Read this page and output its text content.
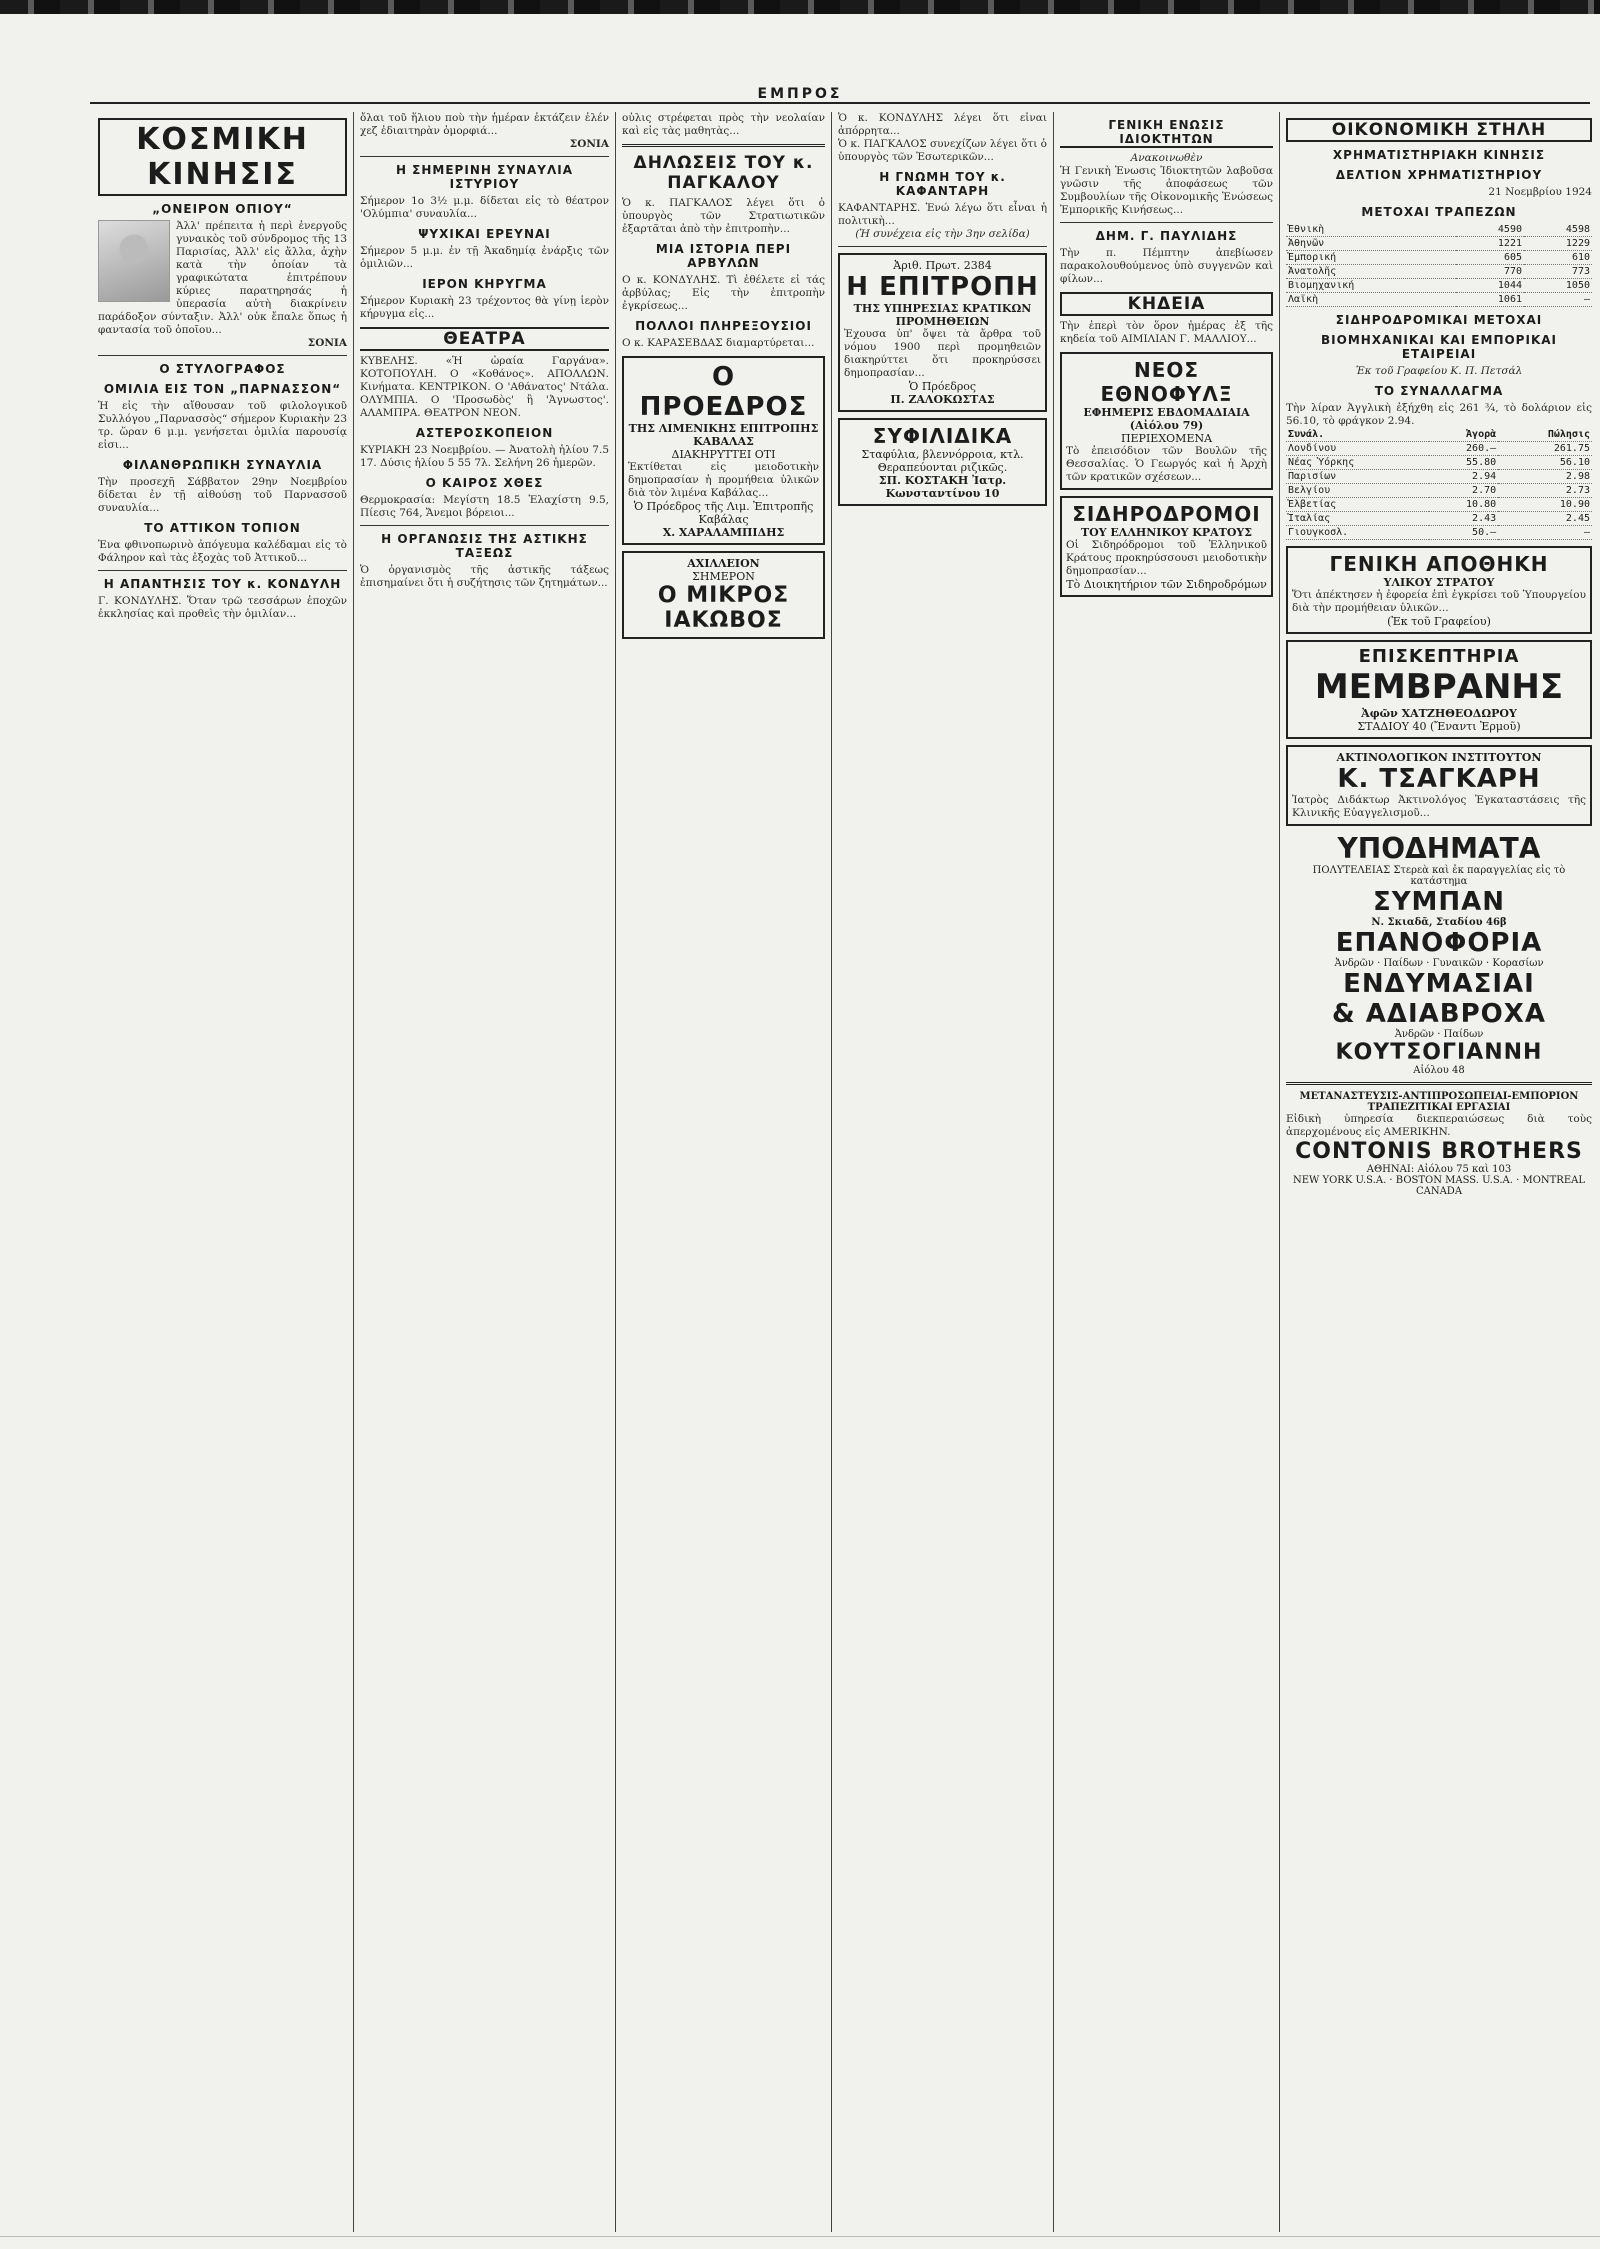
ΕΜΠΡΟΣ
ΚΟΣΜΙΚΗ ΚΙΝΗΣΙΣ
„ΟΝΕΙΡΟΝ ΟΠΙΟΥ“
Ἀλλ' πρέπειτα ἡ περὶ ἐνεργοῦς γυναικὸς τοῦ σύνδρομος τῆς 13 Παρισίας, Ἀλλ' εἰς ἄλλα, ἀχὴν κατὰ τὴν ὁποίαν τὰ γραφικώτατα ἐπιτρέπουν κύριες παρατηρησάς ἡ ὑπερασία αὐτὴ διακρίνειν παράδοξον σύνταξιν. Ἀλλ' οὐκ ἔπαλε ὅπως ἡ φαντασία τοῦ ὁποῖου...
ΣΟΝΙΑ
Ο ΣΤΥΛΟΓΡΑΦΟΣ
ΟΜΙΛΙΑ ΕΙΣ ΤΟΝ „ΠΑΡΝΑΣΣΟΝ“
Ἡ εἰς τὴν αἴθουσαν τοῦ φιλολογικοῦ Συλλόγου „Παρνασσὸς“ σήμερον Κυριακὴν 23 τρ. ὥραν 6 μ.μ. γενήσεται ὁμιλία παρουσίᾳ εἰσι...
ΦΙΛΑΝΘΡΩΠΙΚΗ ΣΥΝΑΥΛΙΑ
Τὴν προσεχῆ Σάββατον 29ην Νοεμβρίου δίδεται ἐν τῇ αἰθούσῃ τοῦ Παρνασσοῦ συναυλία...
ΤΟ ΑΤΤΙΚΟΝ ΤΟΠΙΟΝ
Ἐνα φθινοπωρινὸ ἀπόγευμα καλέδαμαι εἰς τὸ Φάληρον καὶ τὰς ἐξοχὰς τοῦ Ἀττικοῦ...
Η ΑΠΑΝΤΗΣΙΣ ΤΟΥ κ. ΚΟΝΔΥΛΗ
Γ. ΚΟΝΔΥΛΗΣ. Ὅταν τρῶ τεσσάρων ἐποχῶν ἐκκλησίας καὶ προθεὶς τὴν ὁμιλίαν...
ὄλαι τοῦ ἥλιου ποὺ τὴν ἡμέραν ἐκτάζειν ἐλέν χεζ ἐδιαιτηρὰν ὀμορφιά...
ΣΟΝΙΑ
Η ΣΗΜΕΡΙΝΗ ΣΥΝΑΥΛΙΑ ΙΣΤΥΡΙΟΥ
Σήμερον 1ο 3½ μ.μ. δίδεται εἰς τὸ θέατρον 'Ολύμπια' συναυλία...
ΨΥΧΙΚΑΙ ΕΡΕΥΝΑΙ
Σήμερον 5 μ.μ. ἐν τῇ Ἀκαδημίᾳ ἐνάρξις τῶν ὁμιλιῶν...
ΙΕΡΟΝ ΚΗΡΥΓΜΑ
Σήμερον Κυριακὴ 23 τρέχοντος θὰ γίνῃ ἱερὸν κήρυγμα εἰς...
ΘΕΑΤΡΑ
ΚΥΒΕΛΗΣ. «Ἡ ὡραία Γαργάνα». ΚΟΤΟΠΟΥΛΗ. Ο «Κοθάνος». ΑΠΟΛΛΩΝ. Κινήματα. ΚΕΝΤΡΙΚΟΝ. Ο 'Αθάνατος' Ντάλα. ΟΛΥΜΠΙΑ. Ο 'Προσωδὸς' ἢ 'Ἀγνωστος'. ΑΛΑΜΠΡΑ. ΘΕΑΤΡΟΝ ΝΕΟΝ.
ΑΣΤΕΡΟΣΚΟΠΕΙΟΝ
ΚΥΡΙΑΚΗ 23 Νοεμβρίου. — Ἀνατολὴ ἡλίου 7.5 17. Δύσις ἡλίου 5 55 7λ. Σελήνη 26 ἡμερῶν.
Ο ΚΑΙΡΟΣ ΧΘΕΣ
Θερμοκρασία: Μεγίστη 18.5 Ἐλαχίστη 9.5, Πίεσις 764, Ἄνεμοι βόρειοι...
Η ΟΡΓΑΝΩΣΙΣ ΤΗΣ ΑΣΤΙΚΗΣ ΤΑΞΕΩΣ
Ὁ ὀργανισμὸς τῆς ἀστικῆς τάξεως ἐπισημαίνει ὅτι ἡ συζήτησις τῶν ζητημάτων...
οὐλις στρέφεται πρὸς τὴν νεολαίαν καὶ εἰς τὰς μαθητὰς...
ΔΗΛΩΣΕΙΣ ΤΟΥ κ. ΠΑΓΚΑΛΟΥ
Ὁ κ. ΠΑΓΚΑΛΟΣ λέγει ὅτι ὁ ὑπουργὸς τῶν Στρατιωτικῶν ἐξαρτᾶται ἀπὸ τὴν ἐπιτροπὴν...
ΜΙΑ ΙΣΤΟΡΙΑ ΠΕΡΙ ΑΡΒΥΛΩΝ
Ο κ. ΚΟΝΔΥΛΗΣ. Τὶ ἐθέλετε εἰ τάς ἀρβύλας; Εἰς τὴν ἐπιτροπὴν ἐγκρίσεως...
ΠΟΛΛΟΙ ΠΛΗΡΕΞΟΥΣΙΟΙ
Ο κ. ΚΑΡΑΣΕΒΔΑΣ διαμαρτύρεται...
Ο ΠΡΟΕΔΡΟΣ
ΤΗΣ ΛΙΜΕΝΙΚΗΣ ΕΠΙΤΡΟΠΗΣ ΚΑΒΑΛΑΣ
ΔΙΑΚΗΡΥΤΤΕΙ ΟΤΙ
Ἐκτίθεται εἰς μειοδοτικὴν δημοπρασίαν ἡ προμήθεια ὑλικῶν διὰ τὸν λιμένα Καβάλας...
Ὁ Πρόεδρος τῆς Λιμ. Ἐπιτροπῆς Καβάλας
Χ. ΧΑΡΑΛΑΜΠΙΔΗΣ
ΑΧΙΛΛΕΙΟΝ
ΣΗΜΕΡΟΝ
Ο ΜΙΚΡΟΣ ΙΑΚΩΒΟΣ
Ὁ κ. ΚΟΝΔΥΛΗΣ λέγει ὅτι εἶναι ἀπόρρητα...
Ὁ κ. ΠΑΓΚΑΛΟΣ συνεχίζων λέγει ὅτι ὁ ὑπουργὸς τῶν Ἐσωτερικῶν...
Η ΓΝΩΜΗ ΤΟΥ κ. ΚΑΦΑΝΤΑΡΗ
ΚΑΦΑΝΤΑΡΗΣ. Ἐνώ λέγω ὅτι εἶναι ἡ πολιτικὴ...
(Ἡ συνέχεια εἰς τὴν 3ην σελίδα)
Ἀριθ. Πρωτ. 2384
Η ΕΠΙΤΡΟΠΗ
ΤΗΣ ΥΠΗΡΕΣΙΑΣ ΚΡΑΤΙΚΩΝ ΠΡΟΜΗΘΕΙΩΝ
Ἐχουσα ὑπ' ὄψει τὰ ἄρθρα τοῦ νόμου 1900 περὶ προμηθειῶν διακηρύττει ὅτι προκηρύσσει δημοπρασίαν...
Ὁ Πρόεδρος
Π. ΖΑΛΟΚΩΣΤΑΣ
ΣΥΦΙΛΙΔΙΚΑ
Σταφύλια, βλεννόρροια, κτλ. Θεραπεύονται ριζικῶς.
ΣΠ. ΚΟΣΤΑΚΗ Ἰατρ. Κωνσταντίνου 10
ΓΕΝΙΚΗ ΕΝΩΣΙΣ ΙΔΙΟΚΤΗΤΩΝ
Ανακοινωθὲν
Ἡ Γενικὴ Ἑνωσις Ἰδιοκτητῶν λαβοῦσα γνῶσιν τῆς ἀποφάσεως τῶν Συμβουλίων τῆς Οἰκονομικῆς Ἑνώσεως Ἐμπορικῆς Κινήσεως...
ΔΗΜ. Γ. ΠΑΥΛΙΔΗΣ
Τὴν π. Πέμπτην ἀπεβίωσεν παρακολουθούμενος ὑπὸ συγγενῶν καὶ φίλων...
ΚΗΔΕΙΑ
Τὴν ἐπερὶ τὸν ὅρον ἡμέρας ἐξ τῆς κηδεία τοῦ ΑΙΜΙΛΙΑΝ Γ. ΜΑΛΛΙΟΥ...
ΝΕΟΣ ΕΘΝΟΦΥΛΞ
ΕΦΗΜΕΡΙΣ ΕΒΔΟΜΑΔΙΑΙΑ (Αἰόλου 79)
ΠΕΡΙΕΧΟΜΕΝΑ
Τὸ ἐπεισόδιον τῶν Βουλῶν τῆς Θεσσαλίας. Ὁ Γεωργός καὶ ἡ Ἀρχὴ τῶν κρατικῶν σχέσεων...
ΣΙΔΗΡΟΔΡΟΜΟΙ
ΤΟΥ ΕΛΛΗΝΙΚΟΥ ΚΡΑΤΟΥΣ
Οἱ Σιδηρόδρομοι τοῦ Ἑλληνικοῦ Κράτους προκηρύσσουσι μειοδοτικὴν δημοπρασίαν...
Τὸ Διοικητήριον τῶν Σιδηροδρόμων
ΟΙΚΟΝΟΜΙΚΗ ΣΤΗΛΗ
ΧΡΗΜΑΤΙΣΤΗΡΙΑΚΗ ΚΙΝΗΣΙΣ
ΔΕΛΤΙΟΝ ΧΡΗΜΑΤΙΣΤΗΡΙΟΥ
21 Νοεμβρίου 1924
ΜΕΤΟΧΑΙ ΤΡΑΠΕΖΩΝ
Ἐθνικὴ	4590	4598
Ἀθηνῶν	1221	1229
Ἐμπορική	605	610
Ἀνατολῆς	770	773
Βιομηχανική	1044	1050
Λαϊκὴ	1061	—
ΣΙΔΗΡΟΔΡΟΜΙΚΑΙ ΜΕΤΟΧΑΙ
ΒΙΟΜΗΧΑΝΙΚΑΙ ΚΑΙ ΕΜΠΟΡΙΚΑΙ ΕΤΑΙΡΕΙΑΙ
Ἐκ τοῦ Γραφείου Κ. Π. Πετσάλ
ΤΟ ΣΥΝΑΛΛΑΓΜΑ
Τὴν λίραν Ἀγγλικὴ ἐξήχθη εἰς 261 ¾, τὸ δολάριον εἰς 56.10, τὸ φράγκον 2.94.
Συνάλ.	Ἀγορὰ	Πώλησις
Λονδίνου	260.—	261.75
Νέας Ὑόρκης	55.80	56.10
Παρισίων	2.94	2.98
Βελγίου	2.70	2.73
Ἑλβετίας	10.80	10.90
Ἰταλίας	2.43	2.45
Γιουγκοσλ.	50.—	—
ΓΕΝΙΚΗ ΑΠΟΘΗΚΗ
ΥΛΙΚΟΥ ΣΤΡΑΤΟΥ
Ὅτι ἀπέκτησεν ἡ ἐφορεία ἐπὶ ἐγκρίσει τοῦ Ὑπουργείου διὰ τὴν προμήθειαν ὑλικῶν...
(Ἐκ τοῦ Γραφείου)
ΕΠΙΣΚΕΠΤΗΡΙΑ
ΜΕΜΒΡΑΝΗΣ
Ἀφῶν ΧΑΤΖΗΘΕΟΔΩΡΟΥ
ΣΤΑΔΙΟΥ 40 (Ἔναντι Ἐρμοῦ)
ΑΚΤΙΝΟΛΟΓΙΚΟΝ ΙΝΣΤΙΤΟΥΤΟΝ
Κ. ΤΣΑΓΚΑΡΗ
Ἰατρὸς Διδάκτωρ Ἀκτινολόγος Ἐγκαταστάσεις τῆς Κλινικῆς Εὐαγγελισμοῦ...
ΥΠΟΔΗΜΑΤΑ
ΠΟΛΥΤΕΛΕΙΑΣ Στερεὰ καὶ ἐκ παραγγελίας εἰς τὸ κατάστημα
ΣΥΜΠΑΝ
Ν. Σκιαδᾶ, Σταδίου 46β
ΕΠΑΝΟΦΟΡΙΑ
Ἀνδρῶν · Παίδων · Γυναικῶν · Κορασίων
ΕΝΔΥΜΑΣΙΑΙ
& ΑΔΙΑΒΡΟΧΑ
Ἀνδρῶν · Παίδων
ΚΟΥΤΣΟΓΙΑΝΝΗ
Αἰόλου 48
ΜΕΤΑΝΑΣΤΕΥΣΙΣ-ΑΝΤΙΠΡΟΣΩΠΕΙΑΙ-ΕΜΠΟΡΙΟΝ
ΤΡΑΠΕΖΙΤΙΚΑΙ ΕΡΓΑΣΙΑΙ
Εἰδικὴ ὑπηρεσία διεκπεραιώσεως διὰ τοὺς ἀπερχομένους εἰς AMERIKHN.
CONTONIS BROTHERS
ΑΘΗΝΑΙ: Αἰόλου 75 καὶ 103
NEW YORK U.S.A. · BOSTON MASS. U.S.A. · MONTREAL CANADA
